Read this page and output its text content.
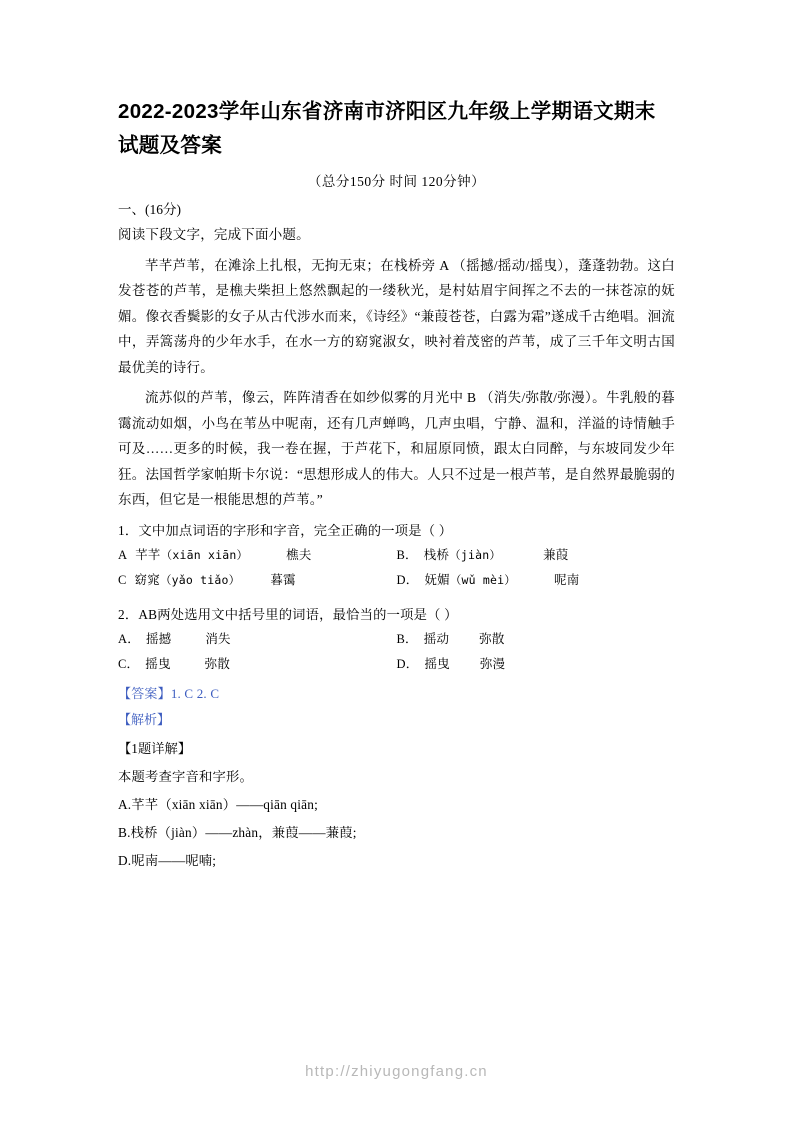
2022-2023学年山东省济南市济阳区九年级上学期语文期末试题及答案
（总分150分 时间 120分钟）
一、(16分)
阅读下段文字，完成下面小题。
芊芊芦苇，在滩涂上扎根，无拘无束；在栈桥旁 A （摇撼/摇动/摇曳），蓬蓬勃勃。这白发苍苍的芦苇，是樵夫柴担上悠然飘起的一缕秋光，是村姑眉宇间挥之不去的一抹苍凉的妩媚。像衣香鬓影的女子从古代涉水而来，《诗经》“兼葭苍苍，白露为霜”遂成千古绝唱。洄流中，弄篙荡舟的少年水手，在水一方的窈窕淑女，映衬着茂密的芦苇，成了三千年文明古国最优美的诗行。
流苏似的芦苇，像云，阵阵清香在如纱似雾的月光中 B （消失/弥散/弥漫）。牛乳般的暮霭流动如烟，小鸟在苇丛中呢南，还有几声蝉鸣，几声虫唱，宁静、温和，洋溢的诗情触手可及……更多的时候，我一卷在握，于芦花下，和屈原同愤，跟太白同醉，与东坡同发少年狂。法国哲学家帕斯卡尔说：“思想形成人的伟大。人只不过是一根芦苇，是自然界最脆弱的东西，但它是一根能思想的芦苇。”
1．文中加点词语的字形和字音，完全正确的一项是（ ）
A 芊芊 （xiān xiān）	樵夫	B． 栈桥 （jiàn）	兼葭
C 窈窕 （yǎo tiǎo） 暮霭	D． 妩媚 （wǔ mèi）	呢南
2．AB两处选用文中括号里的词语，最恰当的一项是（ ）
A． 摇撼	消失	B． 摇动 弥散
C． 摇曳	弥散	D． 摇曳 弥漫
【答案】1. C 2. C
【解析】
【1题详解】
本题考查字音和字形。
A.芊芊（xiān xiān）——qiān qiān;
B.栈桥（jiàn）——zhàn，兼葭——蒹葭;
D.呢南——呢喃;
http://zhiyugongfang.cn
